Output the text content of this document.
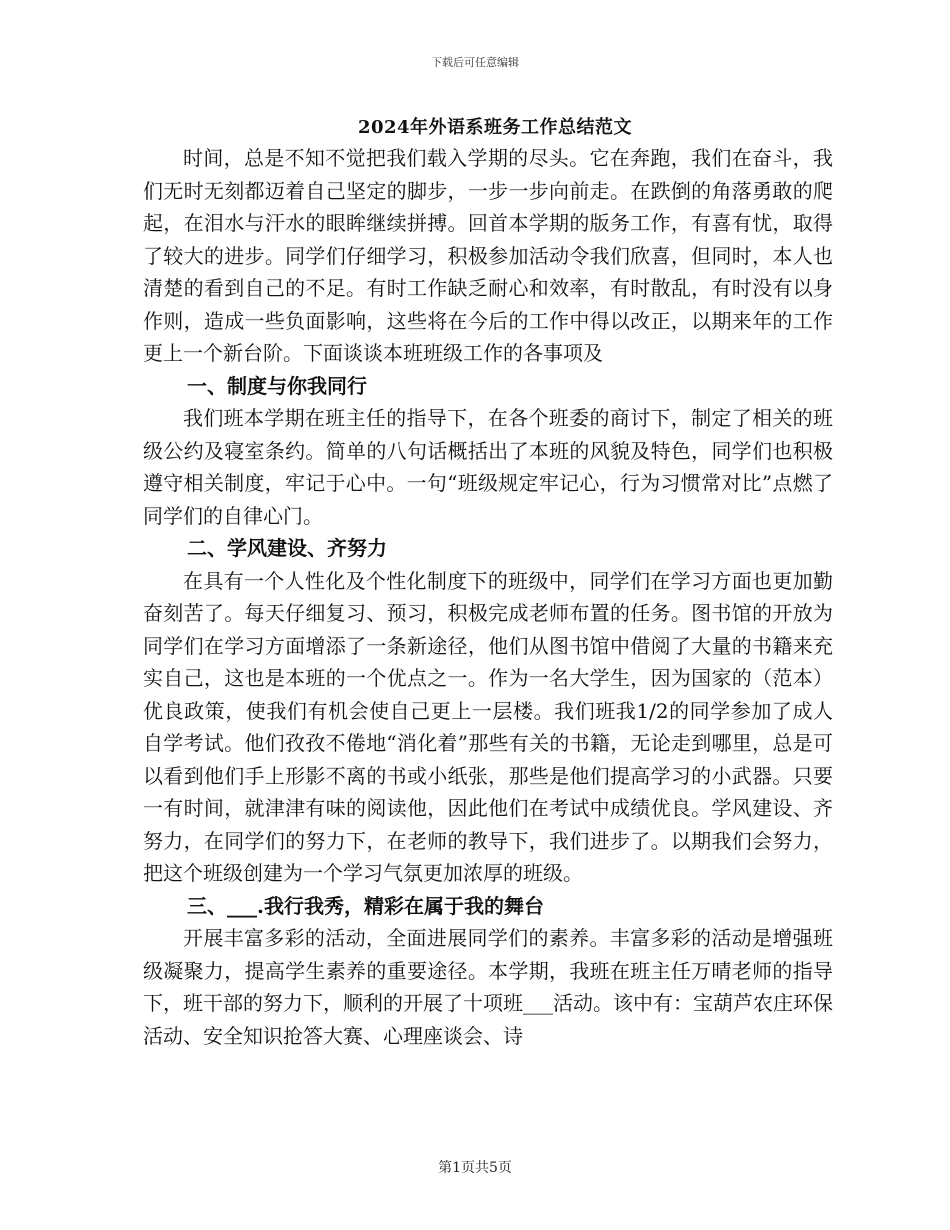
下载后可任意编辑
2024年外语系班务工作总结范文

时间，总是不知不觉把我们载入学期的尽头。它在奔跑，我们在奋斗，我们无时无刻都迈着自己坚定的脚步，一步一步向前走。在跌倒的角落勇敢的爬起，在泪水与汗水的眼眸继续拼搏。回首本学期的版务工作，有喜有忧，取得了较大的进步。同学们仔细学习，积极参加活动令我们欣喜，但同时，本人也清楚的看到自己的不足。有时工作缺乏耐心和效率，有时散乱，有时没有以身作则，造成一些负面影响，这些将在今后的工作中得以改正，以期来年的工作更上一个新台阶。下面谈谈本班班级工作的各事项及

一、制度与你我同行

我们班本学期在班主任的指导下，在各个班委的商讨下，制定了相关的班级公约及寝室条约。简单的八句话概括出了本班的风貌及特色，同学们也积极遵守相关制度，牢记于心中。一句“班级规定牢记心，行为习惯常对比”点燃了同学们的自律心门。

二、学风建设、齐努力

在具有一个人性化及个性化制度下的班级中，同学们在学习方面也更加勤奋刻苦了。每天仔细复习、预习，积极完成老师布置的任务。图书馆的开放为同学们在学习方面增添了一条新途径，他们从图书馆中借阅了大量的书籍来充实自己，这也是本班的一个优点之一。作为一名大学生，因为国家的（范本）优良政策，使我们有机会使自己更上一层楼。我们班我1/2的同学参加了成人自学考试。他们孜孜不倦地“消化着”那些有关的书籍，无论走到哪里，总是可以看到他们手上形影不离的书或小纸张，那些是他们提高学习的小武器。只要一有时间，就津津有味的阅读他，因此他们在考试中成绩优良。学风建设、齐努力，在同学们的努力下，在老师的教导下，我们进步了。以期我们会努力，把这个班级创建为一个学习气氛更加浓厚的班级。

三、___.我行我秀，精彩在属于我的舞台

开展丰富多彩的活动，全面进展同学们的素养。丰富多彩的活动是增强班级凝聚力，提高学生素养的重要途径。本学期，我班在班主任万晴老师的指导下，班干部的努力下，顺利的开展了十项班___活动。该中有：宝葫芦农庄环保活动、安全知识抢答大赛、心理座谈会、诗

第1页共5页
